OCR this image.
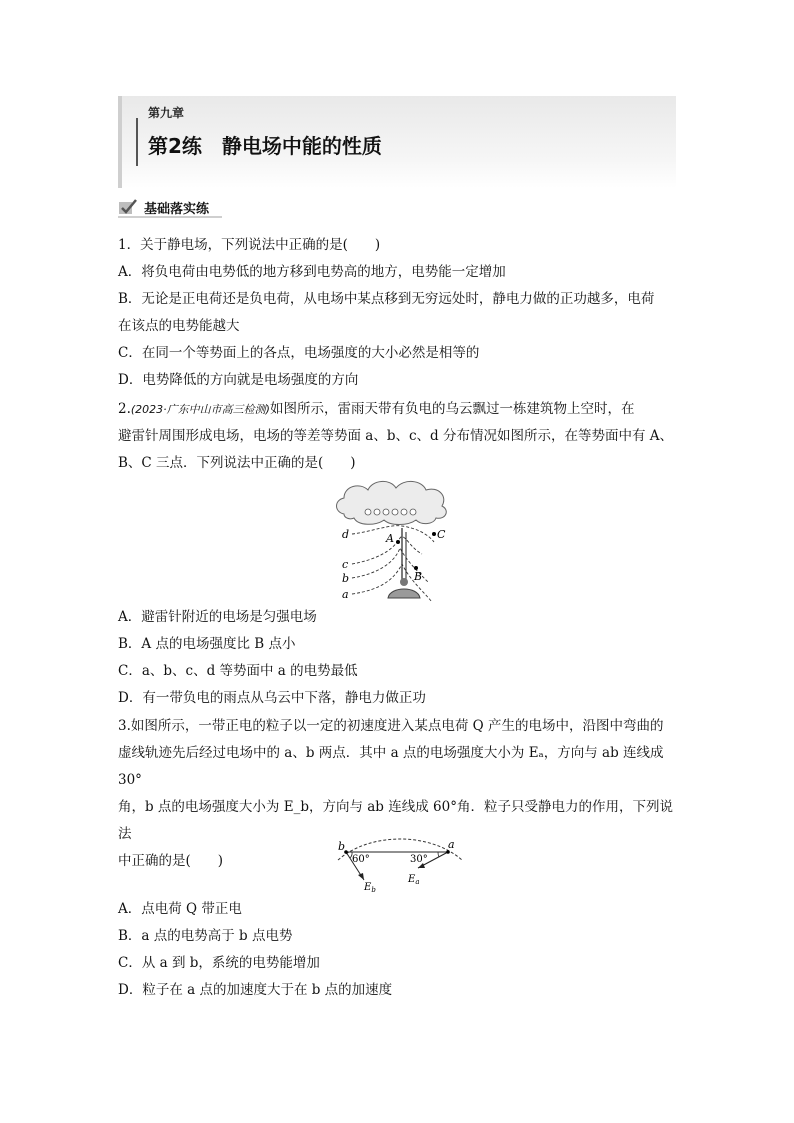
第九章
第2练　静电场中能的性质
基础落实练

1．关于静电场，下列说法中正确的是(　　)

A．将负电荷由电势低的地方移到电势高的地方，电势能一定增加

B．无论是正电荷还是负电荷，从电场中某点移到无穷远处时，静电力做的正功越多，电荷

在该点的电势能越大

C．在同一个等势面上的各点，电场强度的大小必然是相等的

D．电势降低的方向就是电场强度的方向

2.(2023·广东中山市高三检测)如图所示，雷雨天带有负电的乌云飘过一栋建筑物上空时，在

避雷针周围形成电场，电场的等差等势面 a、b、c、d 分布情况如图所示，在等势面中有 A、

B、C 三点．下列说法中正确的是(　　)

d
c
b
a
A
B
C

A．避雷针附近的电场是匀强电场

B．A 点的电场强度比 B 点小

C．a、b、c、d 等势面中 a 的电势最低

D．有一带负电的雨点从乌云中下落，静电力做正功

3.如图所示，一带正电的粒子以一定的初速度进入某点电荷 Q 产生的电场中，沿图中弯曲的

虚线轨迹先后经过电场中的 a、b 两点．其中 a 点的电场强度大小为 Eₐ，方向与 ab 连线成 30°

角，b 点的电场强度大小为 E_b，方向与 ab 连线成 60°角．粒子只受静电力的作用，下列说法

中正确的是(　　)

b	a
60°	30°
$E_b$
$E_a$

A．点电荷 Q 带正电

B．a 点的电势高于 b 点电势

C．从 a 到 b，系统的电势能增加

D．粒子在 a 点的加速度大于在 b 点的加速度
